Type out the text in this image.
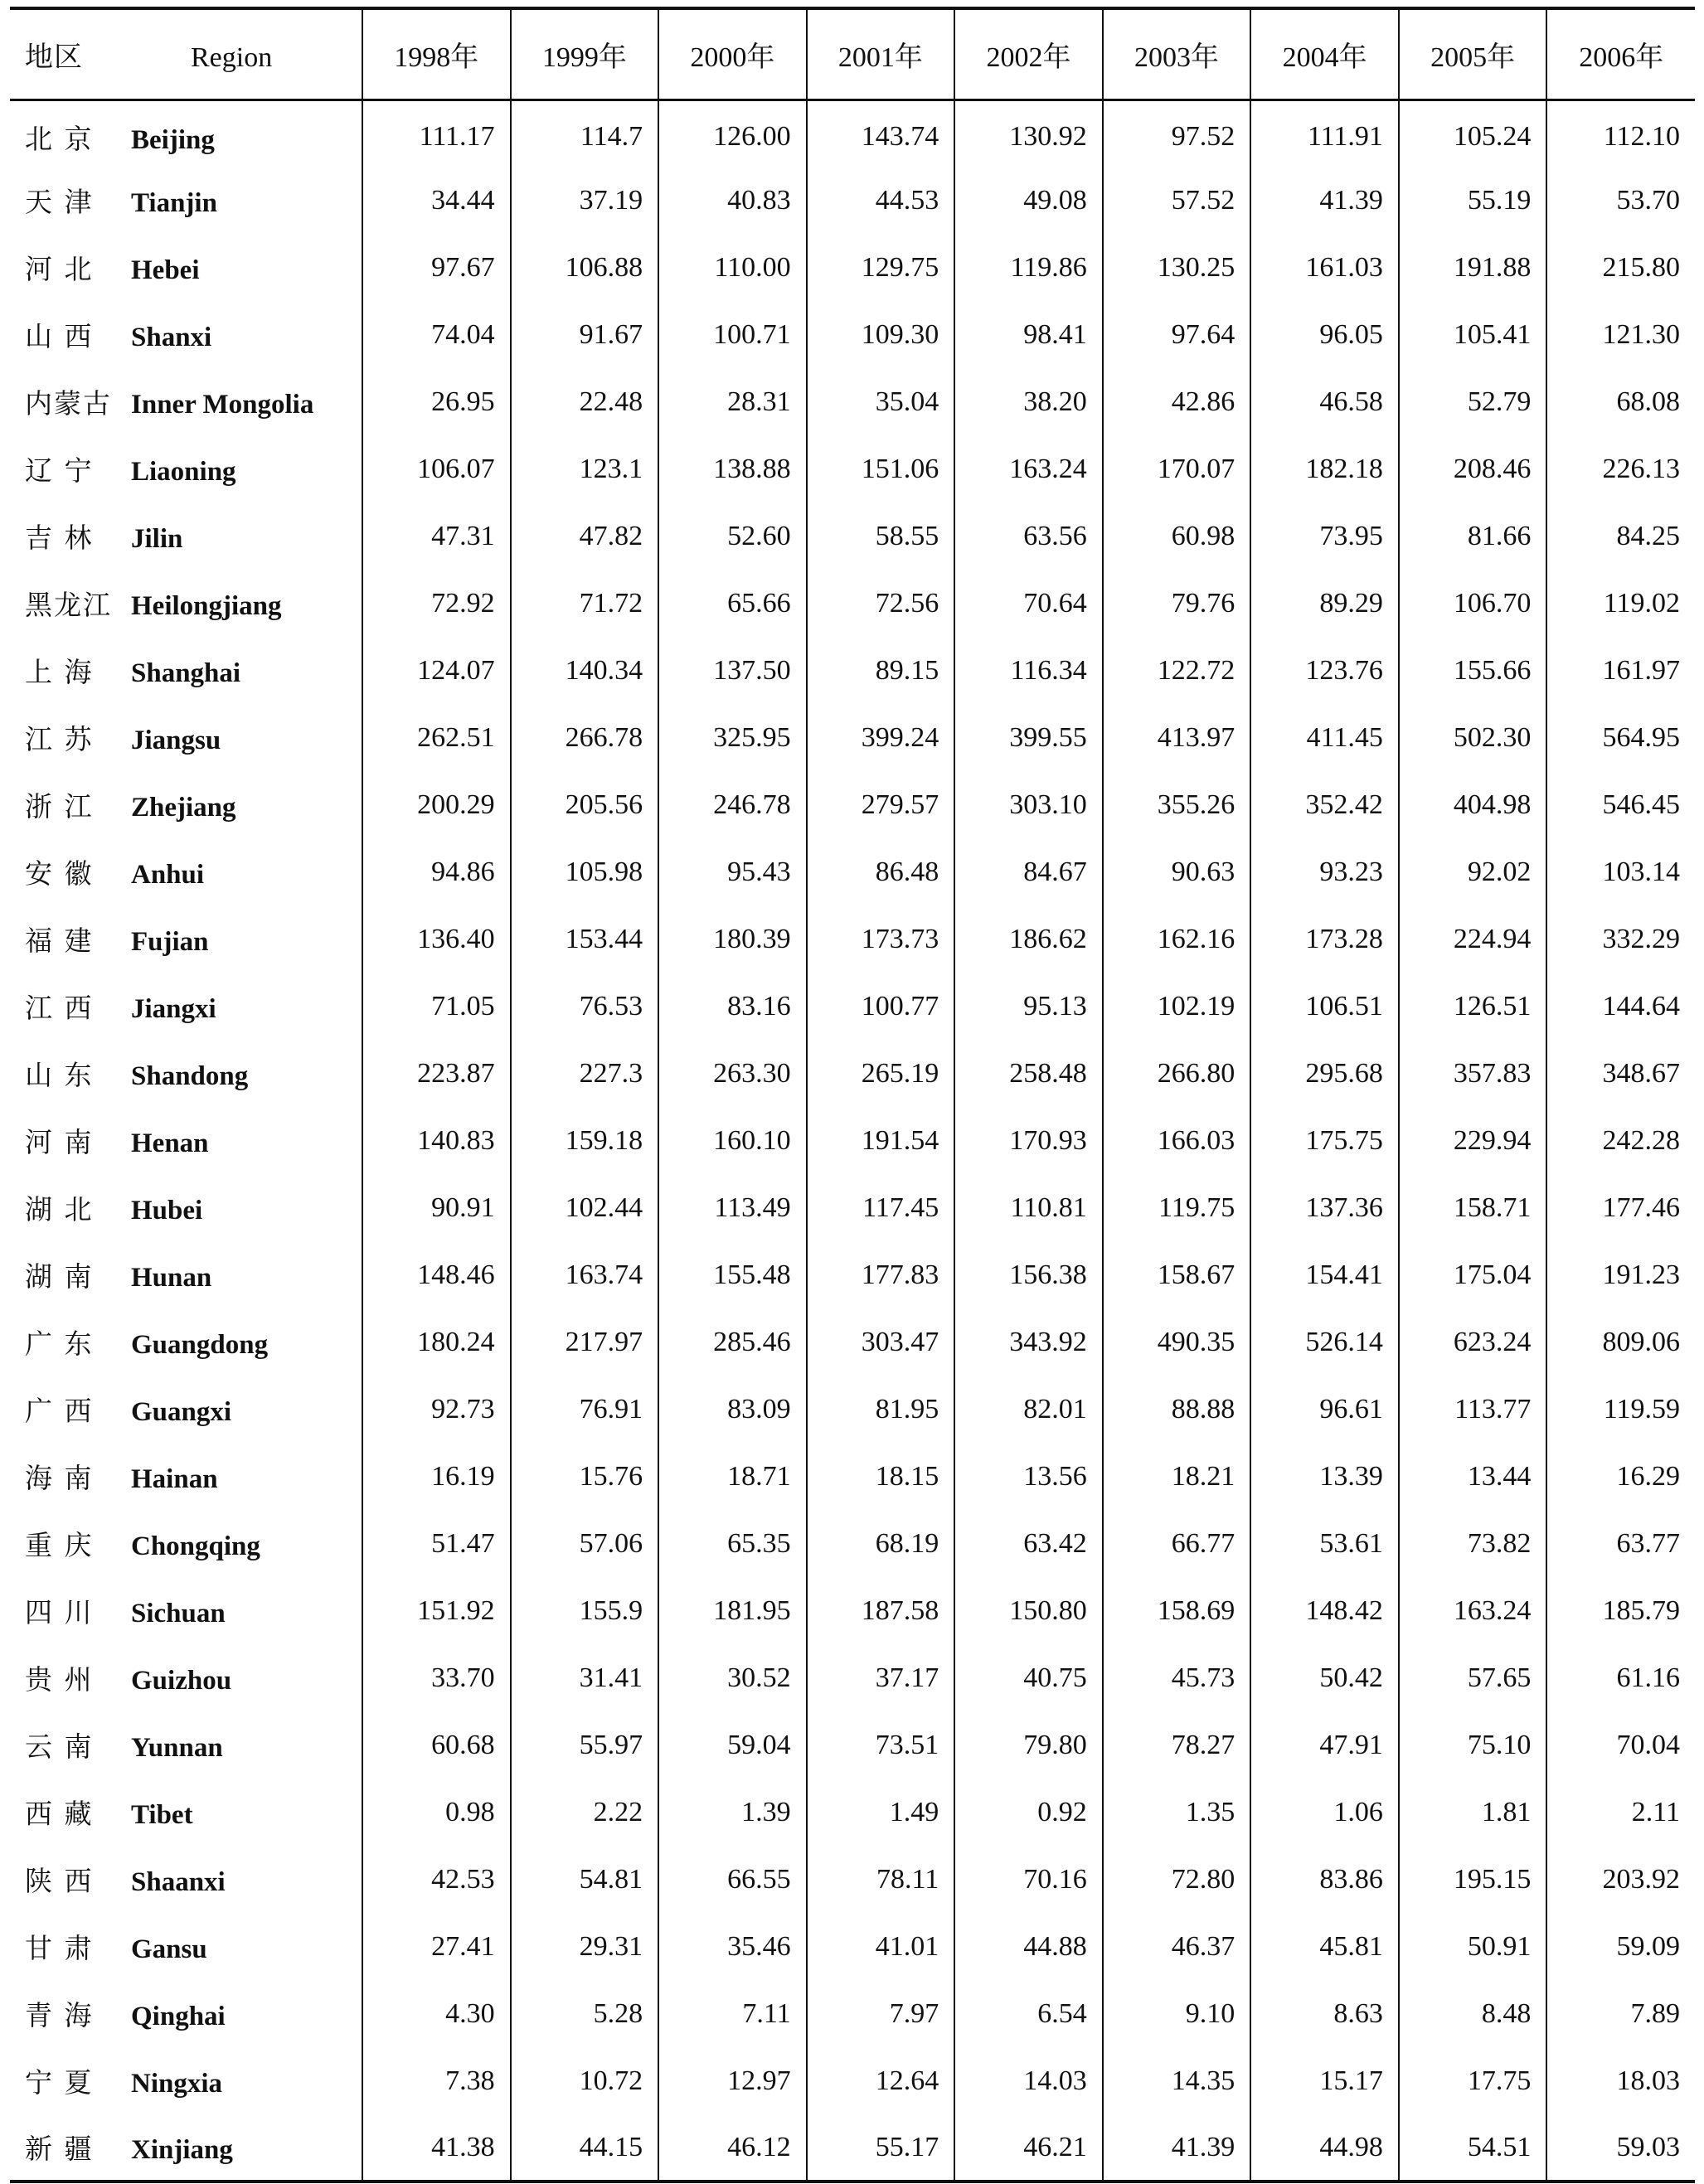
地区 Region	1998年	1999年	2000年	2001年	2002年	2003年	2004年	2005年	2006年
北 京 Beijing	111.17	114.7	126.00	143.74	130.92	97.52	111.91	105.24	112.10
天 津 Tianjin	34.44	37.19	40.83	44.53	49.08	57.52	41.39	55.19	53.70
河 北 Hebei	97.67	106.88	110.00	129.75	119.86	130.25	161.03	191.88	215.80
山 西 Shanxi	74.04	91.67	100.71	109.30	98.41	97.64	96.05	105.41	121.30
内蒙古 Inner Mongolia	26.95	22.48	28.31	35.04	38.20	42.86	46.58	52.79	68.08
辽 宁 Liaoning	106.07	123.1	138.88	151.06	163.24	170.07	182.18	208.46	226.13
吉 林 Jilin	47.31	47.82	52.60	58.55	63.56	60.98	73.95	81.66	84.25
黑龙江 Heilongjiang	72.92	71.72	65.66	72.56	70.64	79.76	89.29	106.70	119.02
上 海 Shanghai	124.07	140.34	137.50	89.15	116.34	122.72	123.76	155.66	161.97
江 苏 Jiangsu	262.51	266.78	325.95	399.24	399.55	413.97	411.45	502.30	564.95
浙 江 Zhejiang	200.29	205.56	246.78	279.57	303.10	355.26	352.42	404.98	546.45
安 徽 Anhui	94.86	105.98	95.43	86.48	84.67	90.63	93.23	92.02	103.14
福 建 Fujian	136.40	153.44	180.39	173.73	186.62	162.16	173.28	224.94	332.29
江 西 Jiangxi	71.05	76.53	83.16	100.77	95.13	102.19	106.51	126.51	144.64
山 东 Shandong	223.87	227.3	263.30	265.19	258.48	266.80	295.68	357.83	348.67
河 南 Henan	140.83	159.18	160.10	191.54	170.93	166.03	175.75	229.94	242.28
湖 北 Hubei	90.91	102.44	113.49	117.45	110.81	119.75	137.36	158.71	177.46
湖 南 Hunan	148.46	163.74	155.48	177.83	156.38	158.67	154.41	175.04	191.23
广 东 Guangdong	180.24	217.97	285.46	303.47	343.92	490.35	526.14	623.24	809.06
广 西 Guangxi	92.73	76.91	83.09	81.95	82.01	88.88	96.61	113.77	119.59
海 南 Hainan	16.19	15.76	18.71	18.15	13.56	18.21	13.39	13.44	16.29
重 庆 Chongqing	51.47	57.06	65.35	68.19	63.42	66.77	53.61	73.82	63.77
四 川 Sichuan	151.92	155.9	181.95	187.58	150.80	158.69	148.42	163.24	185.79
贵 州 Guizhou	33.70	31.41	30.52	37.17	40.75	45.73	50.42	57.65	61.16
云 南 Yunnan	60.68	55.97	59.04	73.51	79.80	78.27	47.91	75.10	70.04
西 藏 Tibet	0.98	2.22	1.39	1.49	0.92	1.35	1.06	1.81	2.11
陕 西 Shaanxi	42.53	54.81	66.55	78.11	70.16	72.80	83.86	195.15	203.92
甘 肃 Gansu	27.41	29.31	35.46	41.01	44.88	46.37	45.81	50.91	59.09
青 海 Qinghai	4.30	5.28	7.11	7.97	6.54	9.10	8.63	8.48	7.89
宁 夏 Ningxia	7.38	10.72	12.97	12.64	14.03	14.35	15.17	17.75	18.03
新 疆 Xinjiang	41.38	44.15	46.12	55.17	46.21	41.39	44.98	54.51	59.03
